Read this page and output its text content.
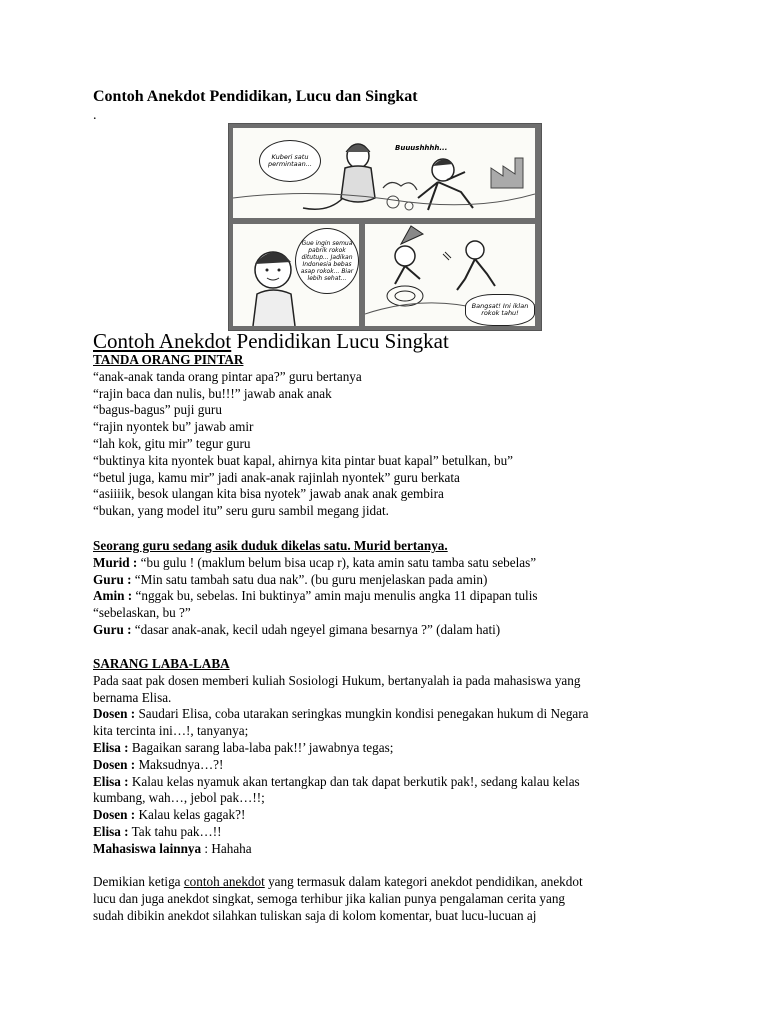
Contoh Anekdot Pendidikan, Lucu dan Singkat
.
Kuberi satu permintaan...
Buuushhhh...
Gue ingin semua pabrik rokok ditutup... Jadikan Indonesia bebas asap rokok... Biar lebih sehat...
Bangsat! Ini iklan rokok tahu!
Contoh Anekdot Pendidikan Lucu Singkat
TANDA ORANG PINTAR
“anak-anak tanda orang pintar apa?” guru bertanya
“rajin baca dan nulis, bu!!!” jawab anak anak
“bagus-bagus” puji guru
“rajin nyontek bu” jawab amir
“lah kok, gitu mir” tegur guru
“buktinya kita nyontek buat kapal, ahirnya kita pintar buat kapal” betulkan, bu”
“betul juga, kamu mir” jadi anak-anak rajinlah nyontek” guru berkata
“asiiiik, besok ulangan kita bisa nyotek” jawab anak anak gembira
“bukan, yang model itu” seru guru sambil megang jidat.
Seorang guru sedang asik duduk dikelas satu. Murid bertanya.
Murid : “bu gulu ! (maklum belum bisa ucap r), kata amin satu tamba satu sebelas”
Guru : “Min satu tambah satu dua nak”. (bu guru menjelaskan pada amin)
Amin : “nggak bu, sebelas. Ini buktinya” amin maju menulis angka 11 dipapan tulis
“sebelaskan, bu ?”
Guru : “dasar anak-anak, kecil udah ngeyel gimana besarnya ?” (dalam hati)
SARANG LABA-LABA
Pada saat pak dosen memberi kuliah Sosiologi Hukum, bertanyalah ia pada mahasiswa yang
bernama Elisa.
Dosen : Saudari Elisa, coba utarakan seringkas mungkin kondisi penegakan hukum di Negara
kita tercinta ini…!, tanyanya;
Elisa : Bagaikan sarang laba-laba pak!!’ jawabnya tegas;
Dosen : Maksudnya…?!
Elisa : Kalau kelas nyamuk akan tertangkap dan tak dapat berkutik pak!, sedang kalau kelas
kumbang, wah…, jebol pak…!!;
Dosen : Kalau kelas gagak?!
Elisa : Tak tahu pak…!!
Mahasiswa lainnya : Hahaha
Demikian ketiga contoh anekdot yang termasuk dalam kategori anekdot pendidikan, anekdot
lucu dan juga anekdot singkat, semoga terhibur jika kalian punya pengalaman cerita yang
sudah dibikin anekdot silahkan tuliskan saja di kolom komentar, buat lucu-lucuan aj
